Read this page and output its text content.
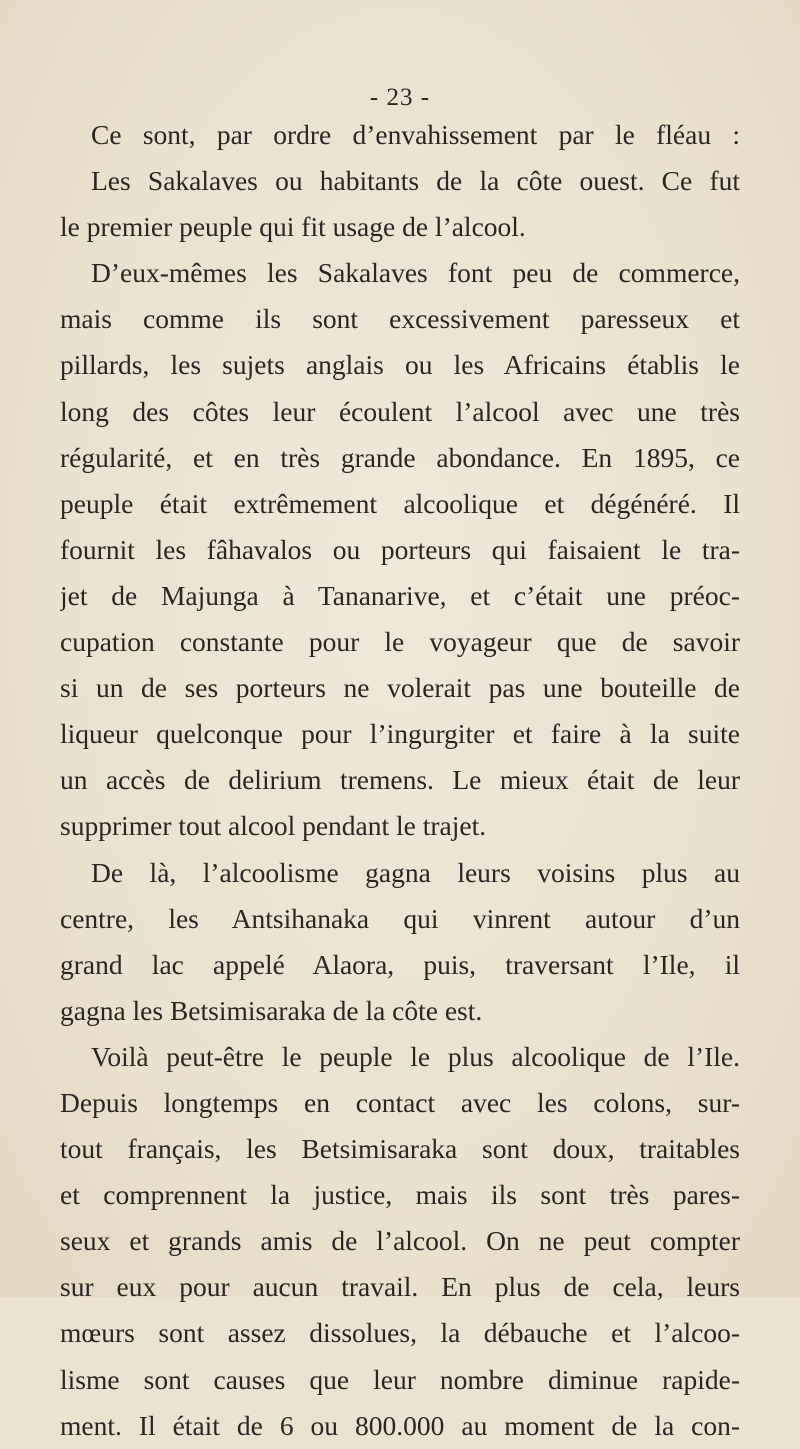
- 23 -
Ce sont, par ordre d’envahissement par le fléau :
Les Sakalaves ou habitants de la côte ouest. Ce fut
le premier peuple qui fit usage de l’alcool.
D’eux-mêmes les Sakalaves font peu de commerce,
mais comme ils sont excessivement paresseux et
pillards, les sujets anglais ou les Africains établis le
long des côtes leur écoulent l’alcool avec une très
régularité, et en très grande abondance. En 1895, ce
peuple était extrêmement alcoolique et dégénéré. Il
fournit les fâhavalos ou porteurs qui faisaient le tra-
jet de Majunga à Tananarive, et c’était une préoc-
cupation constante pour le voyageur que de savoir
si un de ses porteurs ne volerait pas une bouteille de
liqueur quelconque pour l’ingurgiter et faire à la suite
un accès de delirium tremens. Le mieux était de leur
supprimer tout alcool pendant le trajet.
De là, l’alcoolisme gagna leurs voisins plus au
centre, les Antsihanaka qui vinrent autour d’un
grand lac appelé Alaora, puis, traversant l’Ile, il
gagna les Betsimisaraka de la côte est.
Voilà peut-être le peuple le plus alcoolique de l’Ile.
Depuis longtemps en contact avec les colons, sur-
tout français, les Betsimisaraka sont doux, traitables
et comprennent la justice, mais ils sont très pares-
seux et grands amis de l’alcool. On ne peut compter
sur eux pour aucun travail. En plus de cela, leurs
mœurs sont assez dissolues, la débauche et l’alcoo-
lisme sont causes que leur nombre diminue rapide-
ment. Il était de 6 ou 800.000 au moment de la con-
